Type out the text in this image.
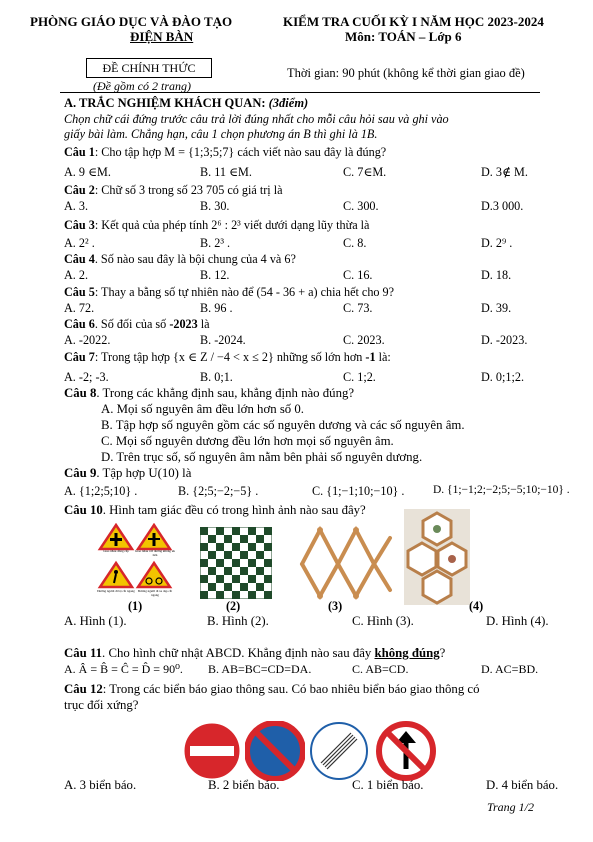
PHÒNG GIÁO DỤC VÀ ĐÀO TẠO
ĐIỆN BÀN
KIỂM TRA CUỐI KỲ I NĂM HỌC 2023-2024
Môn: TOÁN – Lớp 6
ĐỀ CHÍNH THỨC
(Đề gồm có 2 trang)
Thời gian: 90 phút (không kể thời gian giao đề)
A. TRẮC NGHIỆM KHÁCH QUAN: (3điểm)
Chọn chữ cái đứng trước câu trả lời đúng nhất cho mỗi câu hỏi sau và ghi vào
giấy bài làm. Chẳng hạn, câu 1 chọn phương án B thì ghi là 1B.
Câu 1: Cho tập hợp M = {1;3;5;7} cách viết nào sau đây là đúng?
A. 9 ∈M.	B. 11 ∈M.	C. 7∈M.	D. 3∉ M.
Câu 2: Chữ số 3 trong số 23 705 có giá trị là
A. 3.	B. 30.	C. 300.	D.3 000.
Câu 3: Kết quả của phép tính 2⁶ : 2³ viết dưới dạng lũy thừa là
A. 2² .	B. 2³ .	C. 8.	D. 2⁹ .
Câu 4. Số nào sau đây là bội chung của 4 và 6?
A. 2.	B. 12.	C. 16.	D. 18.
Câu 5: Thay a bằng số tự nhiên nào để (54 - 36 + a) chia hết cho 9?
A. 72.	B. 96 .	C. 73.	D. 39.
Câu 6. Số đối của số -2023 là
A. -2022.	B. -2024.	C. 2023.	D. -2023.
Câu 7: Trong tập hợp {x ∈ Z / −4 < x ≤ 2} những số lớn hơn -1 là:
A. -2; -3.	B. 0;1.	C. 1;2.	D. 0;1;2.
Câu 8. Trong các khẳng định sau, khẳng định nào đúng?
A. Mọi số nguyên âm đều lớn hơn số 0.
B. Tập hợp số nguyên gồm các số nguyên dương và các số nguyên âm.
C. Mọi số nguyên dương đều lớn hơn mọi số nguyên âm.
D. Trên trục số, số nguyên âm nằm bên phải số nguyên dương.
Câu 9. Tập hợp U(10) là
A. {1;2;5;10} .	B. {2;5;−2;−5} .	C. {1;−1;10;−10} . D. {1;−1;2;−2;5;−5;10;−10} .
Câu 10. Hình tam giác đều có trong hình ảnh nào sau đây?
Giao nhau đồng cấp	Giao nhau với đường không ưu tiên
Đường người đi bộ cắt ngang Đường người đi xe đạp cắt ngang
(1)	(2)	(3)	(4)
A. Hình (1).	B. Hình (2).	C. Hình (3).	D. Hình (4).
Câu 11. Cho hình chữ nhật ABCD. Khẳng định nào sau đây không đúng?
A. Â = B̂ = Ĉ = D̂ = 90⁰. B. AB=BC=CD=DA.	C. AB=CD.	D. AC=BD.
Câu 12: Trong các biển báo giao thông sau. Có bao nhiêu biển báo giao thông có
trục đối xứng?
A. 3 biển báo.	B. 2 biển báo.	C. 1 biển báo.	D. 4 biển báo.
Trang 1/2
